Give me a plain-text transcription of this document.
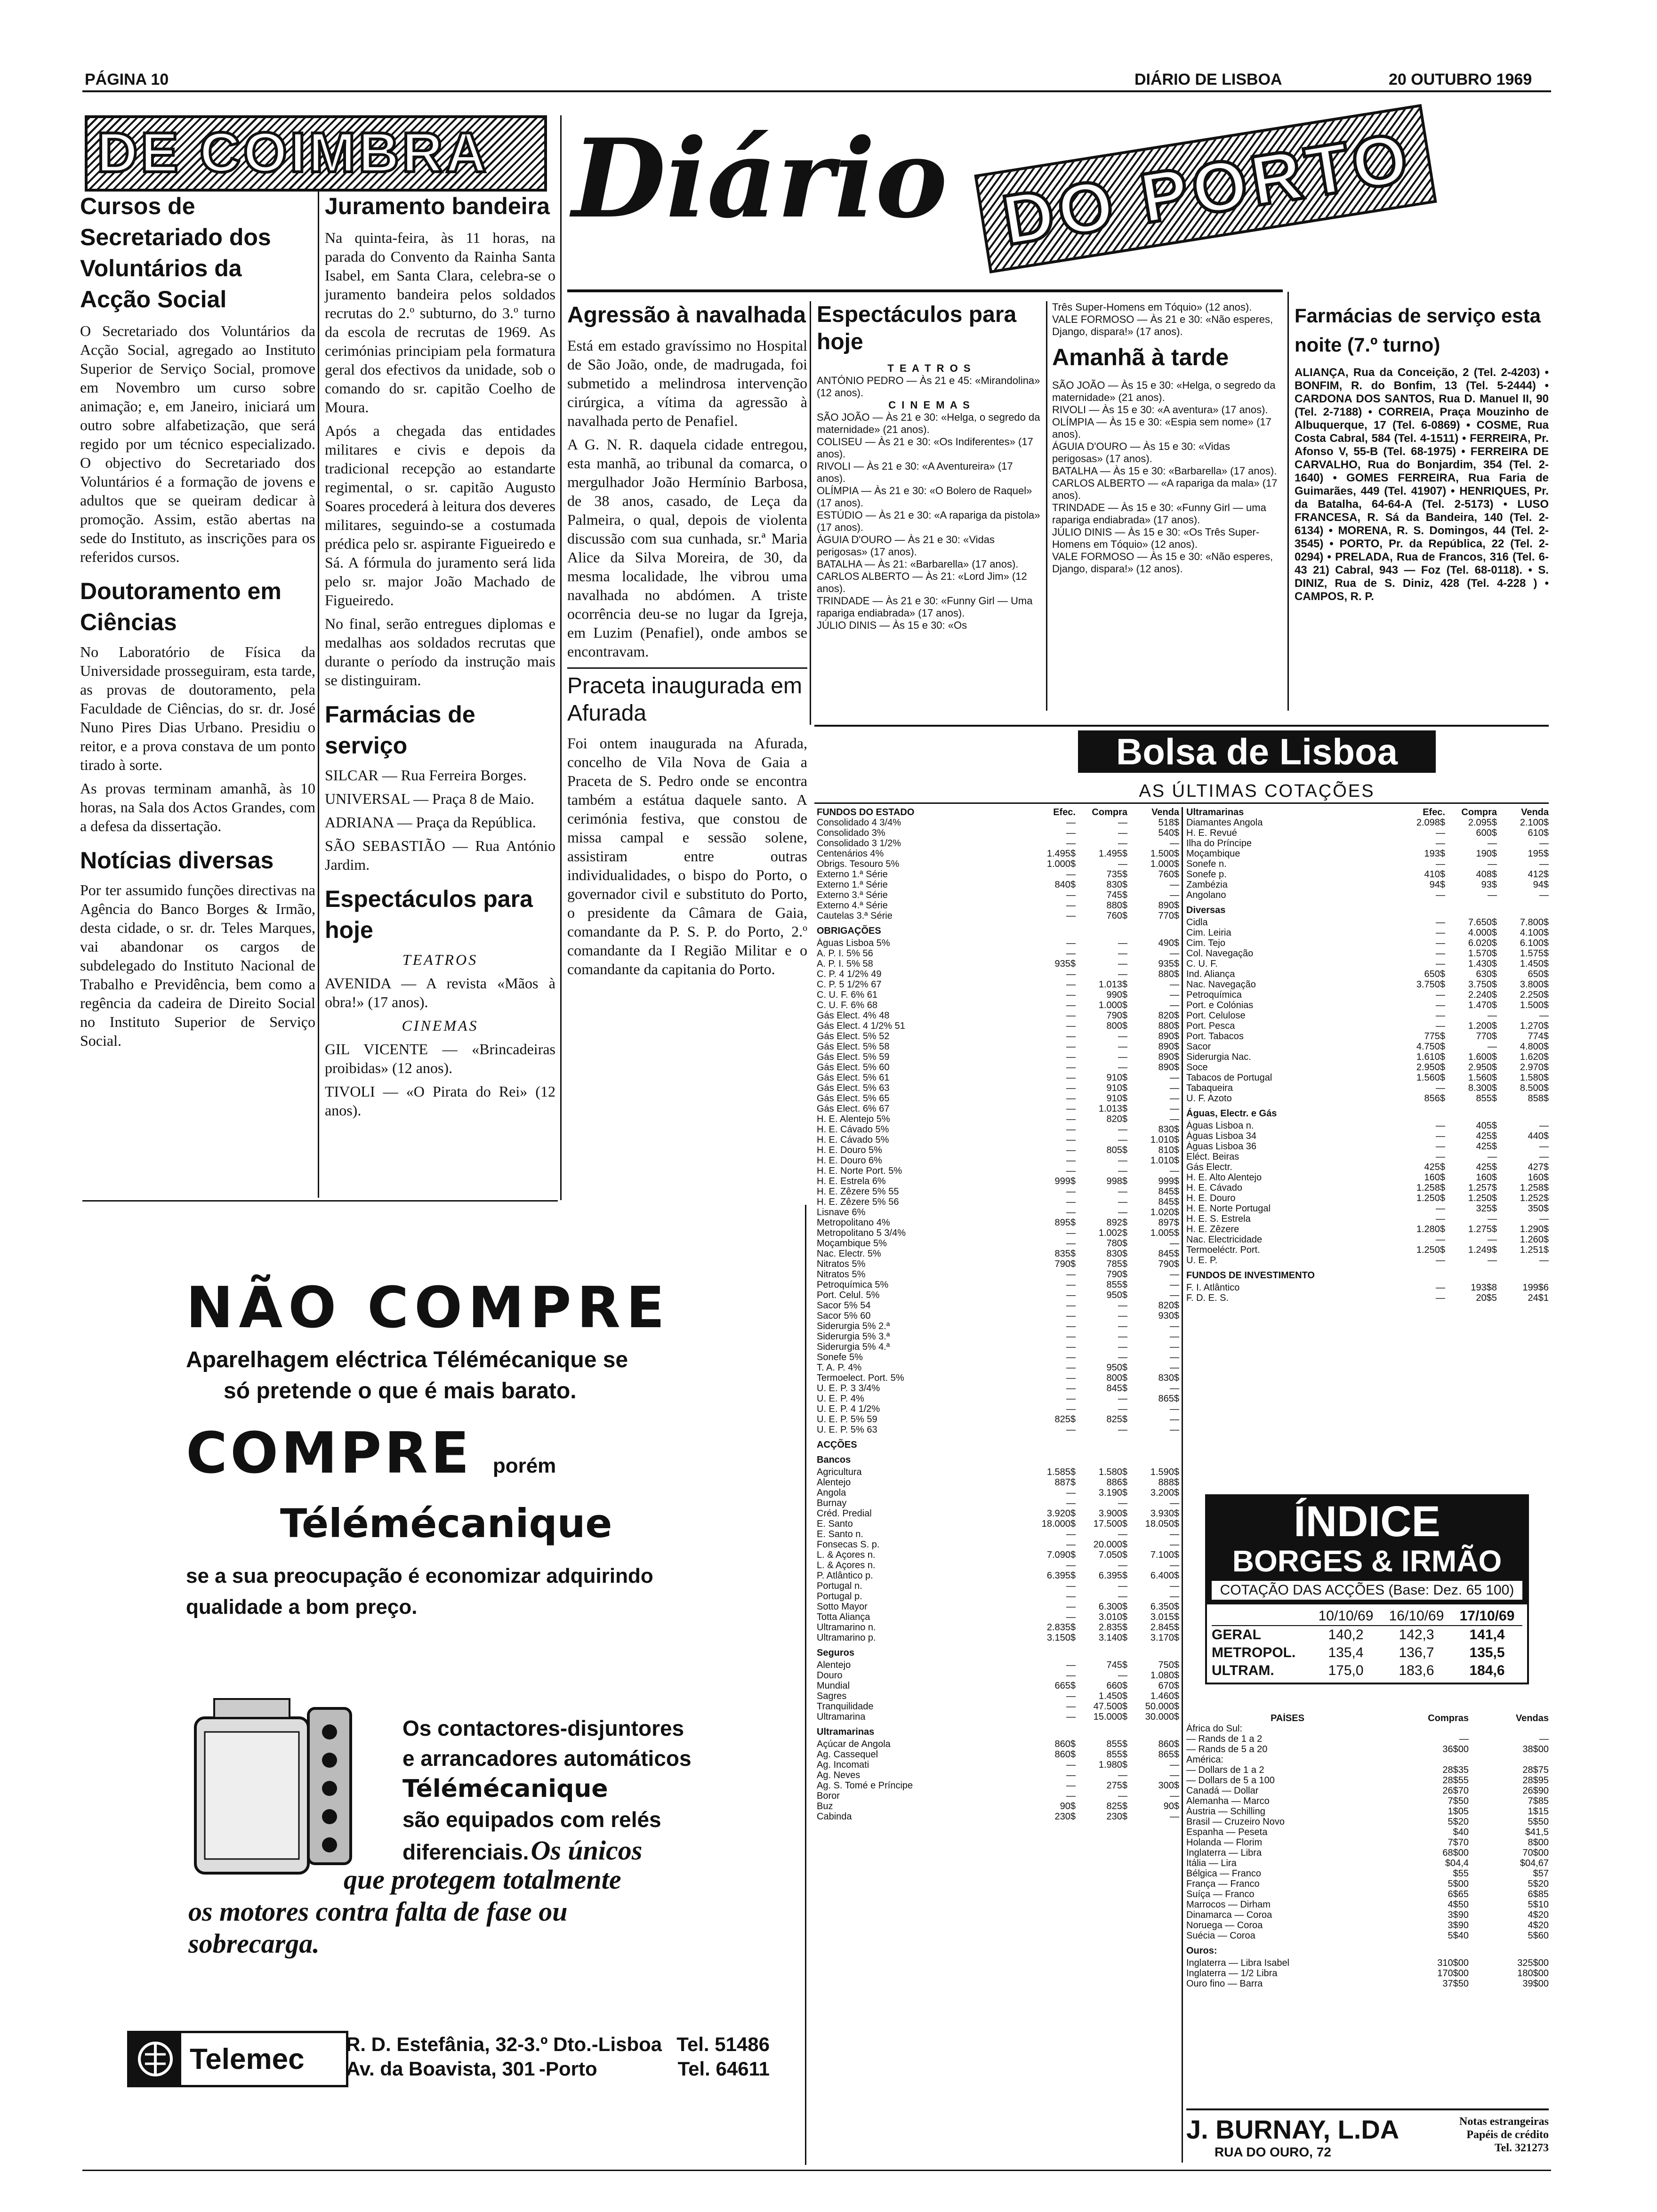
PÁGINA 10	DIÁRIO DE LISBOA	20 OUTUBRO 1969
DE COIMBRA
Cursos de Secretariado dos Voluntários da Acção Social

O Secretariado dos Voluntários da Acção Social, agregado ao Instituto Superior de Serviço Social, promove em Novembro um curso sobre animação; e, em Janeiro, iniciará um outro sobre alfabetização, que será regido por um técnico especializado. O objectivo do Secretariado dos Voluntários é a formação de jovens e adultos que se queiram dedicar à promoção. Assim, estão abertas na sede do Instituto, as inscrições para os referidos cursos.

Doutoramento em Ciências

No Laboratório de Física da Universidade prosseguiram, esta tarde, as provas de doutoramento, pela Faculdade de Ciências, do sr. dr. José Nuno Pires Dias Urbano. Presidiu o reitor, e a prova constava de um ponto tirado à sorte.

As provas terminam amanhã, às 10 horas, na Sala dos Actos Grandes, com a defesa da dissertação.

Notícias diversas

Por ter assumido funções directivas na Agência do Banco Borges & Irmão, desta cidade, o sr. dr. Teles Marques, vai abandonar os cargos de subdelegado do Instituto Nacional de Trabalho e Previdência, bem como a regência da cadeira de Direito Social no Instituto Superior de Serviço Social.

Juramento bandeira

Na quinta-feira, às 11 horas, na parada do Convento da Rainha Santa Isabel, em Santa Clara, celebra-se o juramento bandeira pelos soldados recrutas do 2.º subturno, do 3.º turno da escola de recrutas de 1969. As cerimónias principiam pela formatura geral dos efectivos da unidade, sob o comando do sr. capitão Coelho de Moura.

Após a chegada das entidades militares e civis e depois da tradicional recepção ao estandarte regimental, o sr. capitão Augusto Soares procederá à leitura dos deveres militares, seguindo-se a costumada prédica pelo sr. aspirante Figueiredo e Sá. A fórmula do juramento será lida pelo sr. major João Machado de Figueiredo.

No final, serão entregues diplomas e medalhas aos soldados recrutas que durante o período da instrução mais se distinguiram.

Farmácias de serviço

SILCAR — Rua Ferreira Borges.

UNIVERSAL — Praça 8 de Maio.

ADRIANA — Praça da República.

SÃO SEBASTIÃO — Rua António Jardim.

Espectáculos para hoje

TEATROS

AVENIDA — A revista «Mãos à obra!» (17 anos).

CINEMAS

GIL VICENTE — «Brincadeiras proibidas» (12 anos).

TIVOLI — «O Pirata do Rei» (12 anos).

Diário DO PORTO
Agressão à navalhada

Está em estado gravíssimo no Hospital de São João, onde, de madrugada, foi submetido a melindrosa intervenção cirúrgica, a vítima da agressão à navalhada perto de Penafiel.

A G. N. R. daquela cidade entregou, esta manhã, ao tribunal da comarca, o mergulhador João Hermínio Barbosa, de 38 anos, casado, de Leça da Palmeira, o qual, depois de violenta discussão com sua cunhada, sr.ª Maria Alice da Silva Moreira, de 30, da mesma localidade, lhe vibrou uma navalhada no abdómen. A triste ocorrência deu-se no lugar da Igreja, em Luzim (Penafiel), onde ambos se encontravam.

Praceta inaugurada em Afurada

Foi ontem inaugurada na Afurada, concelho de Vila Nova de Gaia a Praceta de S. Pedro onde se encontra também a estátua daquele santo. A cerimónia festiva, que constou de missa campal e sessão solene, assistiram entre outras individualidades, o bispo do Porto, o governador civil e substituto do Porto, o presidente da Câmara de Gaia, comandante da P. S. P. do Porto, 2.º comandante da I Região Militar e o comandante da capitania do Porto.

Espectáculos para hoje
T E A T R O S
ANTÓNIO PEDRO — Às 21 e 45: «Mirandolina» (12 anos).
C I N E M A S
SÃO JOÃO — Às 21 e 30: «Helga, o segredo da maternidade» (21 anos).
COLISEU — Às 21 e 30: «Os Indiferentes» (17 anos).
RIVOLI — Às 21 e 30: «A Aventureira» (17 anos).
OLÍMPIA — Às 21 e 30: «O Bolero de Raquel» (17 anos).
ESTÚDIO — Às 21 e 30: «A rapariga da pistola» (17 anos).
ÁGUIA D'OURO — Às 21 e 30: «Vidas perigosas» (17 anos).
BATALHA — Às 21: «Barbarella» (17 anos).
CARLOS ALBERTO — Às 21: «Lord Jim» (12 anos).
TRINDADE — Às 21 e 30: «Funny Girl — Uma rapariga endiabrada» (17 anos).
JÚLIO DINIS — Às 15 e 30: «Os
Três Super-Homens em Tóquio» (12 anos).
VALE FORMOSO — Às 21 e 30: «Não esperes, Django, dispara!» (17 anos).
Amanhã à tarde
SÃO JOÃO — Às 15 e 30: «Helga, o segredo da maternidade» (21 anos).
RIVOLI — Às 15 e 30: «A aventura» (17 anos).
OLÍMPIA — Às 15 e 30: «Espia sem nome» (17 anos).
ÁGUIA D'OURO — Às 15 e 30: «Vidas perigosas» (17 anos).
BATALHA — Às 15 e 30: «Barbarella» (17 anos).
CARLOS ALBERTO — «A rapariga da mala» (17 anos).
TRINDADE — Às 15 e 30: «Funny Girl — uma rapariga endiabrada» (17 anos).
JÚLIO DINIS — Às 15 e 30: «Os Três Super-Homens em Tóquio» (12 anos).
VALE FORMOSO — Às 15 e 30: «Não esperes, Django, dispara!» (12 anos).
Farmácias de serviço esta noite (7.º turno)

ALIANÇA, Rua da Conceição, 2 (Tel. 2-4203) • BONFIM, R. do Bonfim, 13 (Tel. 5-2444) • CARDONA DOS SANTOS, Rua D. Manuel II, 90 (Tel. 2-7188) • CORREIA, Praça Mouzinho de Albuquerque, 17 (Tel. 6-0869) • COSME, Rua Costa Cabral, 584 (Tel. 4-1511) • FERREIRA, Pr. Afonso V, 55-B (Tel. 68-1975) • FERREIRA DE CARVALHO, Rua do Bonjardim, 354 (Tel. 2-1640) • GOMES FERREIRA, Rua Faria de Guimarães, 449 (Tel. 41907) • HENRIQUES, Pr. da Batalha, 64-64-A (Tel. 2-5173) • LUSO FRANCESA, R. Sá da Bandeira, 140 (Tel. 2-6134) • MORENA, R. S. Domingos, 44 (Tel. 2-3545) • PORTO, Pr. da República, 22 (Tel. 2-0294) • PRELADA, Rua de Francos, 316 (Tel. 6-43 21) Cabral, 943 — Foz (Tel. 68-0118). • S. DINIZ, Rua de S. Diniz, 428 (Tel. 4-228 ) • CAMPOS, R. P.

Bolsa de Lisboa
AS ÚLTIMAS COTAÇÕES
FUNDOS DO ESTADO	Efec.	Compra	Venda
Consolidado 4 3/4%	—	—	518$
Consolidado 3%	—	—	540$
Consolidado 3 1/2%	—	—	—
Centenários 4%	1.495$	1.495$	1.500$
Obrigs. Tesouro 5%	1.000$	—	1.000$
Externo 1.ª Série	—	735$	760$
Externo 1.ª Série	840$	830$	—
Externo 3.ª Série	—	745$	—
Externo 4.ª Série	—	880$	890$
Cautelas 3.ª Série	—	760$	770$
OBRIGAÇÕES
Águas Lisboa 5%	—	—	490$
A. P. I. 5% 56	—	—	—
A. P. I. 5% 58	935$	—	935$
C. P. 4 1/2% 49	—	—	880$
C. P. 5 1/2% 67	—	1.013$	—
C. U. F. 6% 61	—	990$	—
C. U. F. 6% 68	—	1.000$	—
Gás Elect. 4% 48	—	790$	820$
Gás Elect. 4 1/2% 51	—	800$	880$
Gás Elect. 5% 52	—	—	890$
Gás Elect. 5% 58	—	—	890$
Gás Elect. 5% 59	—	—	890$
Gás Elect. 5% 60	—	—	890$
Gás Elect. 5% 61	—	910$	—
Gás Elect. 5% 63	—	910$	—
Gás Elect. 5% 65	—	910$	—
Gás Elect. 6% 67	—	1.013$	—
H. E. Alentejo 5%	—	820$	—
H. E. Cávado 5%	—	—	830$
H. E. Cávado 5%	—	—	1.010$
H. E. Douro 5%	—	805$	810$
H. E. Douro 6%	—	—	1.010$
H. E. Norte Port. 5%	—	—	—
H. E. Estrela 6%	999$	998$	999$
H. E. Zêzere 5% 55	—	—	845$
H. E. Zêzere 5% 56	—	—	845$
Lisnave 6%	—	—	1.020$
Metropolitano 4%	895$	892$	897$
Metropolitano 5 3/4%	—	1.002$	1.005$
Moçambique 5%	—	780$	—
Nac. Electr. 5%	835$	830$	845$
Nitratos 5%	790$	785$	790$
Nitratos 5%	—	790$	—
Petroquímica 5%	—	855$	—
Port. Celul. 5%	—	950$	—
Sacor 5% 54	—	—	820$
Sacor 5% 60	—	—	930$
Siderurgia 5% 2.ª	—	—	—
Siderurgia 5% 3.ª	—	—	—
Siderurgia 5% 4.ª	—	—	—
Sonefe 5%	—	—	—
T. A. P. 4%	—	950$	—
Termoelect. Port. 5%	—	800$	830$
U. E. P. 3 3/4%	—	845$	—
U. E. P. 4%	—	—	865$
U. E. P. 4 1/2%	—	—	—
U. E. P. 5% 59	825$	825$	—
U. E. P. 5% 63	—	—	—
ACÇÕES
Bancos
Agricultura	1.585$	1.580$	1.590$
Alentejo	887$	886$	888$
Angola	—	3.190$	3.200$
Burnay	—	—	—
Créd. Predial	3.920$	3.900$	3.930$
E. Santo	18.000$	17.500$	18.050$
E. Santo n.	—	—	—
Fonsecas S. p.	—	20.000$	—
L. & Açores n.	7.090$	7.050$	7.100$
L. & Açores n.	—	—	—
P. Atlântico p.	6.395$	6.395$	6.400$
Portugal n.	—	—	—
Portugal p.	—	—	—
Sotto Mayor	—	6.300$	6.350$
Totta Aliança	—	3.010$	3.015$
Ultramarino n.	2.835$	2.835$	2.845$
Ultramarino p.	3.150$	3.140$	3.170$
Seguros
Alentejo	—	745$	750$
Douro	—	—	1.080$
Mundial	665$	660$	670$
Sagres	—	1.450$	1.460$
Tranquilidade	—	47.500$	50.000$
Ultramarina	—	15.000$	30.000$
Ultramarinas
Açúcar de Angola	860$	855$	860$
Ag. Cassequel	860$	855$	865$
Ag. Incomati	—	1.980$	—
Ag. Neves	—	—	—
Ag. S. Tomé e Príncipe	—	275$	300$
Boror	—	—	—
Buz	90$	825$	90$
Cabinda	230$	230$	—
Ultramarinas	Efec.	Compra	Venda
Diamantes Angola	2.098$	2.095$	2.100$
H. E. Revué	—	600$	610$
Ilha do Príncipe	—	—	—
Moçambique	193$	190$	195$
Sonefe n.	—	—	—
Sonefe p.	410$	408$	412$
Zambézia	94$	93$	94$
Angolano	—	—	—
Diversas
Cidla	—	7.650$	7.800$
Cim. Leiria	—	4.000$	4.100$
Cim. Tejo	—	6.020$	6.100$
Col. Navegação	—	1.570$	1.575$
C. U. F.	—	1.430$	1.450$
Ind. Aliança	650$	630$	650$
Nac. Navegação	3.750$	3.750$	3.800$
Petroquímica	—	2.240$	2.250$
Port. e Colónias	—	1.470$	1.500$
Port. Celulose	—	—	—
Port. Pesca	—	1.200$	1.270$
Port. Tabacos	775$	770$	774$
Sacor	4.750$	—	4.800$
Siderurgia Nac.	1.610$	1.600$	1.620$
Soce	2.950$	2.950$	2.970$
Tabacos de Portugal	1.560$	1.560$	1.580$
Tabaqueira	—	8.300$	8.500$
U. F. Azoto	856$	855$	858$
Águas, Electr. e Gás
Águas Lisboa n.	—	405$	—
Águas Lisboa 34	—	425$	440$
Águas Lisboa 36	—	425$	—
Eléct. Beiras	—	—	—
Gás Electr.	425$	425$	427$
H. E. Alto Alentejo	160$	160$	160$
H. E. Cávado	1.258$	1.257$	1.258$
H. E. Douro	1.250$	1.250$	1.252$
H. E. Norte Portugal	—	325$	350$
H. E. S. Estrela	—	—	—
H. E. Zêzere	1.280$	1.275$	1.290$
Nac. Electricidade	—	—	1.260$
Termoeléctr. Port.	1.250$	1.249$	1.251$
U. E. P.	—	—	—
FUNDOS DE INVESTIMENTO
F. I. Atlântico	—	193$8	199$6
F. D. E. S.	—	20$5	24$1
ÍNDICE
BORGES & IRMÃO
COTAÇÃO DAS ACÇÕES (Base: Dez. 65 100)
10/10/69	16/10/69	17/10/69
GERAL	140,2	142,3	141,4
METROPOL.	135,4	136,7	135,5
ULTRAM.	175,0	183,6	184,6
PAÍSES	Compras	Vendas
África do Sul:
— Rands de 1 a 2	—	—
— Rands de 5 a 20	36$00	38$00
América:
— Dollars de 1 a 2	28$35	28$75
— Dollars de 5 a 100	28$55	28$95
Canadá — Dollar	26$70	26$90
Alemanha — Marco	7$50	7$85
Áustria — Schilling	1$05	1$15
Brasil — Cruzeiro Novo	5$20	5$50
Espanha — Peseta	$40	$41,5
Holanda — Florim	7$70	8$00
Inglaterra — Libra	68$00	70$00
Itália — Lira	$04,4	$04,67
Bélgica — Franco	$55	$57
França — Franco	5$00	5$20
Suíça — Franco	6$65	6$85
Marrocos — Dirham	4$50	5$10
Dinamarca — Coroa	3$90	4$20
Noruega — Coroa	3$90	4$20
Suécia — Coroa	5$40	5$60
Ouros:
Inglaterra — Libra Isabel	310$00	325$00
Inglaterra — 1/2 Libra	170$00	180$00
Ouro fino — Barra	37$50	39$00
J. BURNAY, L.DA	Notas estrangeiras
Papéis de crédito
Tel. 321273
RUA DO OURO, 72
NÃO COMPRE
Aparelhagem eléctrica Télémécanique se
só pretende o que é mais barato.
COMPRE porém
Télémécanique
se a sua preocupação é economizar adquirindo
qualidade a bom preço.
Os contactores-disjuntores
e arrancadores automáticos
Télémécanique
são equipados com relés
diferenciais. Os únicos
que protegem totalmente
os motores contra falta de fase ou
sobrecarga.
Telemec R. D. Estefânia, 32-3.º Dto.-Lisboa Tel. 51486
Av. da Boavista, 301 -Porto	Tel. 64611
